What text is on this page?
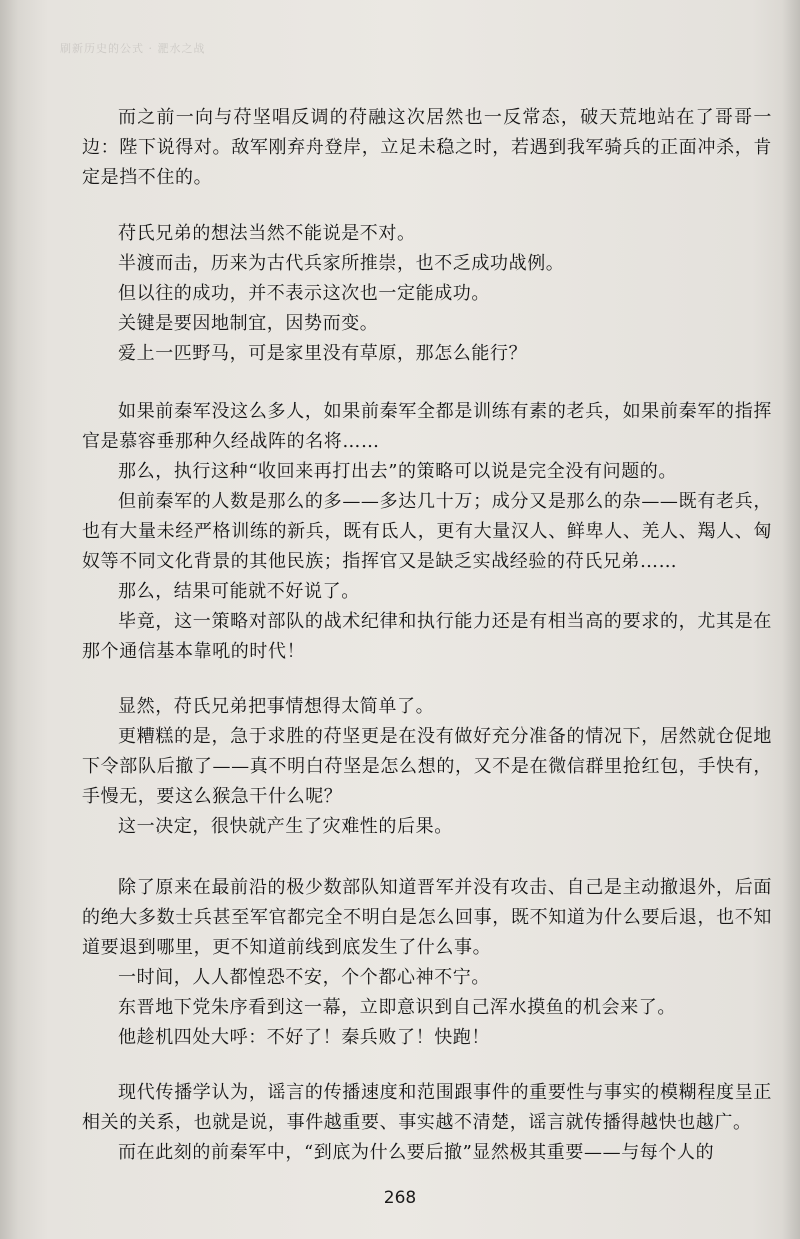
刷新历史的公式 · 淝水之战

而之前一向与苻坚唱反调的苻融这次居然也一反常态，破天荒地站在了哥哥一边：陛下说得对。敌军刚弃舟登岸，立足未稳之时，若遇到我军骑兵的正面冲杀，肯定是挡不住的。

苻氏兄弟的想法当然不能说是不对。

半渡而击，历来为古代兵家所推崇，也不乏成功战例。

但以往的成功，并不表示这次也一定能成功。

关键是要因地制宜，因势而变。

爱上一匹野马，可是家里没有草原，那怎么能行？

如果前秦军没这么多人，如果前秦军全都是训练有素的老兵，如果前秦军的指挥官是慕容垂那种久经战阵的名将……

那么，执行这种“收回来再打出去”的策略可以说是完全没有问题的。

但前秦军的人数是那么的多——多达几十万；成分又是那么的杂——既有老兵，也有大量未经严格训练的新兵，既有氐人，更有大量汉人、鲜卑人、羌人、羯人、匈奴等不同文化背景的其他民族；指挥官又是缺乏实战经验的苻氏兄弟……

那么，结果可能就不好说了。

毕竟，这一策略对部队的战术纪律和执行能力还是有相当高的要求的，尤其是在那个通信基本靠吼的时代！

显然，苻氏兄弟把事情想得太简单了。

更糟糕的是，急于求胜的苻坚更是在没有做好充分准备的情况下，居然就仓促地下令部队后撤了——真不明白苻坚是怎么想的，又不是在微信群里抢红包，手快有，手慢无，要这么猴急干什么呢？

这一决定，很快就产生了灾难性的后果。

除了原来在最前沿的极少数部队知道晋军并没有攻击、自己是主动撤退外，后面的绝大多数士兵甚至军官都完全不明白是怎么回事，既不知道为什么要后退，也不知道要退到哪里，更不知道前线到底发生了什么事。

一时间，人人都惶恐不安，个个都心神不宁。

东晋地下党朱序看到这一幕，立即意识到自己浑水摸鱼的机会来了。

他趁机四处大呼：不好了！秦兵败了！快跑！

现代传播学认为，谣言的传播速度和范围跟事件的重要性与事实的模糊程度呈正相关的关系，也就是说，事件越重要、事实越不清楚，谣言就传播得越快也越广。

而在此刻的前秦军中，“到底为什么要后撤”显然极其重要——与每个人的

268
